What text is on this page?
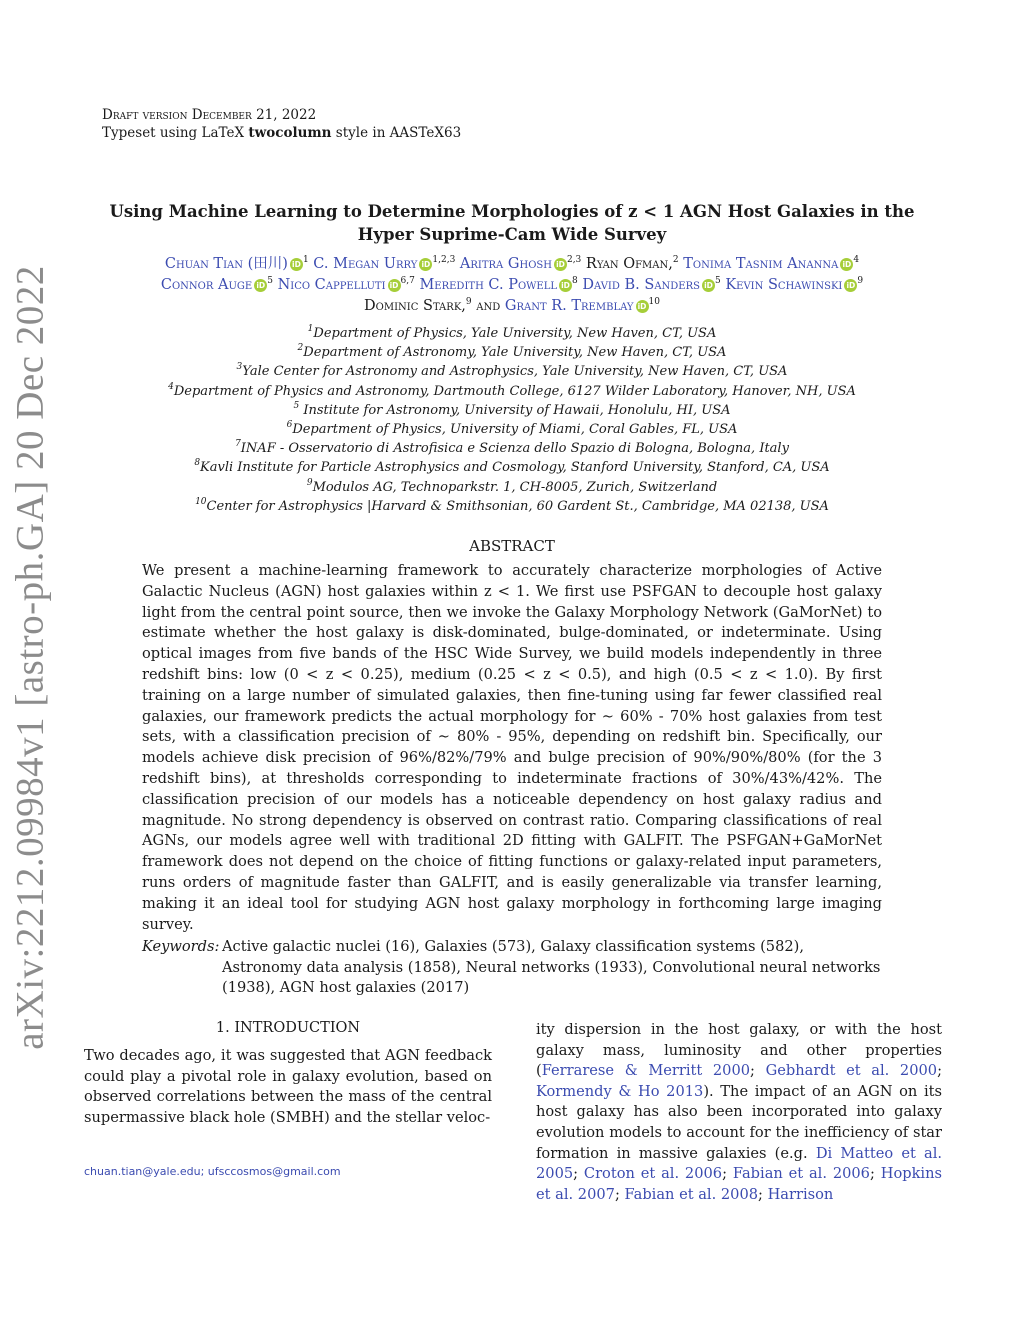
Draft version December 21, 2022
Typeset using LaTeX twocolumn style in AASTeX63
arXiv:2212.09984v1 [astro-ph.GA] 20 Dec 2022
Using Machine Learning to Determine Morphologies of z < 1 AGN Host Galaxies in the Hyper Suprime-Cam Wide Survey
Chuan Tian (田川) iD $^1$ C. Megan Urry iD $^{1,2,3}$ Aritra Ghosh iD $^{2,3}$ Ryan Ofman,$^2$ Tonima Tasnim Ananna iD $^4$
Connor Auge iD $^5$ Nico Cappelluti iD $^{6,7}$ Meredith C. Powell iD $^8$ David B. Sanders iD $^5$ Kevin Schawinski iD $^9$
Dominic Stark,$^9$ and Grant R. Tremblay iD $^{10}$
$^1$Department of Physics, Yale University, New Haven, CT, USA
$^2$Department of Astronomy, Yale University, New Haven, CT, USA
$^3$Yale Center for Astronomy and Astrophysics, Yale University, New Haven, CT, USA
$^4$Department of Physics and Astronomy, Dartmouth College, 6127 Wilder Laboratory, Hanover, NH, USA
$^5$ Institute for Astronomy, University of Hawaii, Honolulu, HI, USA
$^6$Department of Physics, University of Miami, Coral Gables, FL, USA
$^7$INAF - Osservatorio di Astrofisica e Scienza dello Spazio di Bologna, Bologna, Italy
$^8$Kavli Institute for Particle Astrophysics and Cosmology, Stanford University, Stanford, CA, USA
$^9$Modulos AG, Technoparkstr. 1, CH-8005, Zurich, Switzerland
$^{10}$Center for Astrophysics |Harvard & Smithsonian, 60 Gardent St., Cambridge, MA 02138, USA
ABSTRACT
We present a machine-learning framework to accurately characterize morphologies of Active Galactic Nucleus (AGN) host galaxies within z < 1. We first use PSFGAN to decouple host galaxy light from the central point source, then we invoke the Galaxy Morphology Network (GaMorNet) to estimate whether the host galaxy is disk-dominated, bulge-dominated, or indeterminate. Using optical images from five bands of the HSC Wide Survey, we build models independently in three redshift bins: low (0 < z < 0.25), medium (0.25 < z < 0.5), and high (0.5 < z < 1.0). By first training on a large number of simulated galaxies, then fine-tuning using far fewer classified real galaxies, our framework predicts the actual morphology for ∼ 60% - 70% host galaxies from test sets, with a classification precision of ∼ 80% - 95%, depending on redshift bin. Specifically, our models achieve disk precision of 96%/82%/79% and bulge precision of 90%/90%/80% (for the 3 redshift bins), at thresholds corresponding to indeterminate fractions of 30%/43%/42%. The classification precision of our models has a noticeable dependency on host galaxy radius and magnitude. No strong dependency is observed on contrast ratio. Comparing classifications of real AGNs, our models agree well with traditional 2D fitting with GALFIT. The PSFGAN+GaMorNet framework does not depend on the choice of fitting functions or galaxy-related input parameters, runs orders of magnitude faster than GALFIT, and is easily generalizable via transfer learning, making it an ideal tool for studying AGN host galaxy morphology in forthcoming large imaging survey.
Keywords: Active galactic nuclei (16), Galaxies (573), Galaxy classification systems (582), Astronomy data analysis (1858), Neural networks (1933), Convolutional neural networks (1938), AGN host galaxies (2017)
1. INTRODUCTION
Two decades ago, it was suggested that AGN feedback could play a pivotal role in galaxy evolution, based on observed correlations between the mass of the central supermassive black hole (SMBH) and the stellar veloc-
ity dispersion in the host galaxy, or with the host galaxy mass, luminosity and other properties (Ferrarese & Merritt 2000; Gebhardt et al. 2000; Kormendy & Ho 2013). The impact of an AGN on its host galaxy has also been incorporated into galaxy evolution models to account for the inefficiency of star formation in massive galaxies (e.g. Di Matteo et al. 2005; Croton et al. 2006; Fabian et al. 2006; Hopkins et al. 2007; Fabian et al. 2008; Harrison
chuan.tian@yale.edu; ufsccosmos@gmail.com
